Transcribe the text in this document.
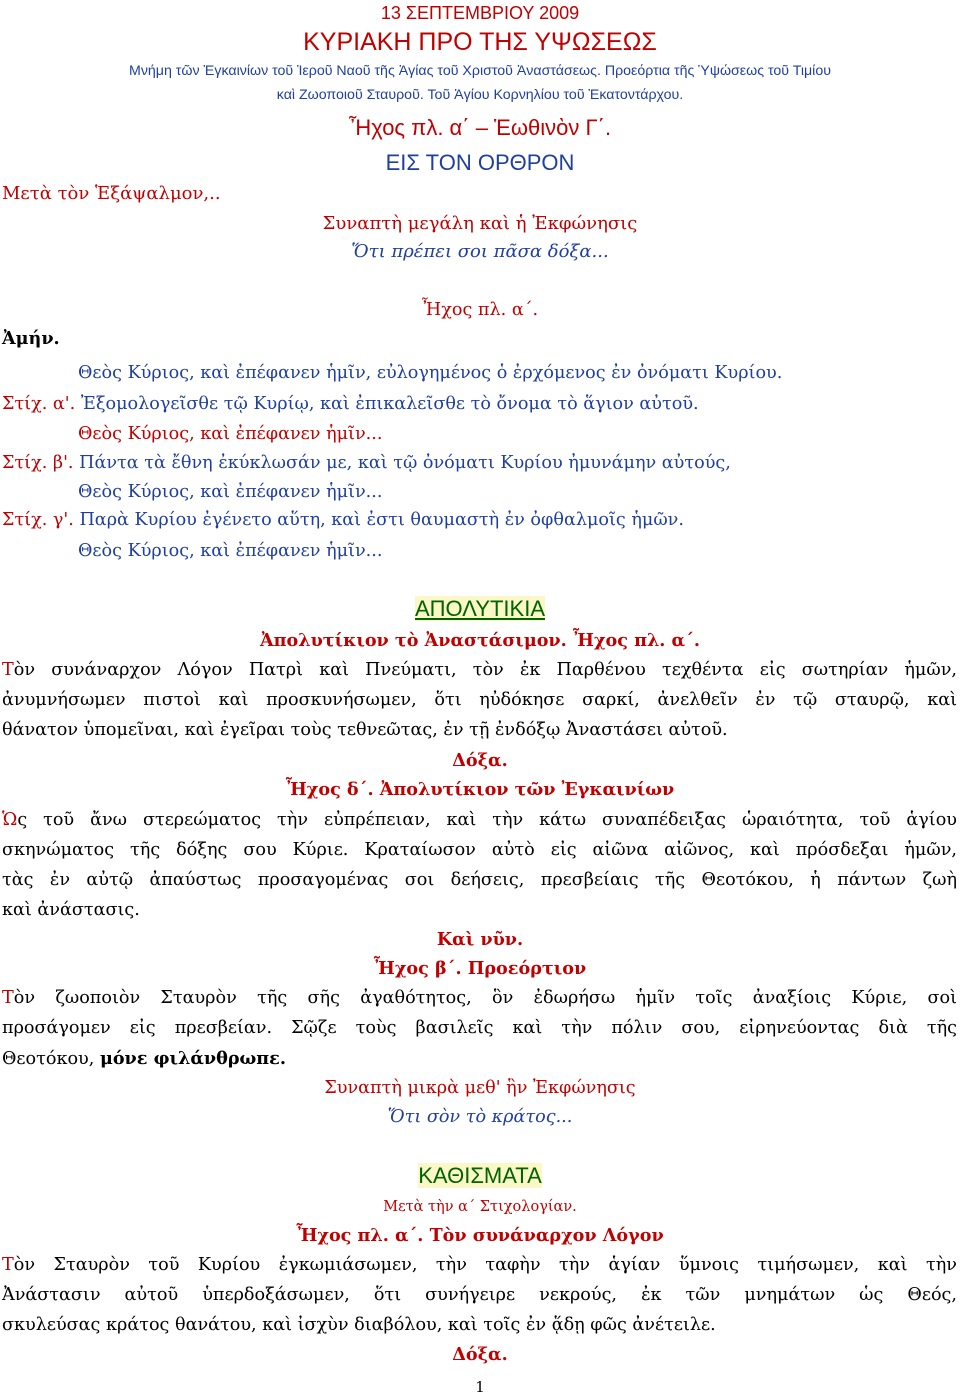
13 ΣΕΠΤΕΜΒΡΙΟΥ 2009
ΚΥΡΙΑΚΗ ΠΡΟ ΤΗΣ ΥΨΩΣΕΩΣ
Μνήμη τῶν Ἐγκαινίων τοῦ Ἱεροῦ Ναοῦ τῆς Ἁγίας τοῦ Χριστοῦ Ἀναστάσεως. Προεόρτια τῆς Ὑψώσεως τοῦ Τιμίου
καὶ Ζωοποιοῦ Σταυροῦ. Τοῦ Ἁγίου Κορνηλίου τοῦ Ἑκατοντάρχου.
Ἦχος πλ. α΄ – Ἑωθινὸν Γ΄.
ΕΙΣ ΤΟΝ ΟΡΘΡΟΝ
Μετὰ τὸν Ἑξάψαλμον,..
Συναπτὴ μεγάλη καὶ ἡ Ἐκφώνησις
Ὅτι πρέπει σοι πᾶσα δόξα...
Ἦχος πλ. α΄.
Ἀμήν.
Θεὸς Κύριος, καὶ ἐπέφανεν ἡμῖν, εὐλογημένος ὁ ἐρχόμενος ἐν ὀνόματι Κυρίου.
Στίχ. α'. Ἐξομολογεῖσθε τῷ Κυρίῳ, καὶ ἐπικαλεῖσθε τὸ ὄνομα τὸ ἅγιον αὐτοῦ.
Θεὸς Κύριος, καὶ ἐπέφανεν ἡμῖν...
Στίχ. β'. Πάντα τὰ ἔθνη ἐκύκλωσάν με, καὶ τῷ ὀνόματι Κυρίου ἠμυνάμην αὐτούς,
Θεὸς Κύριος, καὶ ἐπέφανεν ἡμῖν...
Στίχ. γ'. Παρὰ Κυρίου ἐγένετο αὕτη, καὶ ἐστι θαυμαστὴ ἐν ὀφθαλμοῖς ἡμῶν.
Θεὸς Κύριος, καὶ ἐπέφανεν ἡμῖν...
ΑΠΟΛΥΤΙΚΙΑ
Ἀπολυτίκιον τὸ Ἀναστάσιμον. Ἦχος πλ. α΄.
Τὸν συνάναρχον Λόγον Πατρὶ καὶ Πνεύματι, τὸν ἐκ Παρθένου τεχθέντα εἰς σωτηρίαν ἡμῶν,
ἀνυμνήσωμεν πιστοὶ καὶ προσκυνήσωμεν, ὅτι ηὐδόκησε σαρκί, ἀνελθεῖν ἐν τῷ σταυρῷ, καὶ
θάνατον ὑπομεῖναι, καὶ ἐγεῖραι τοὺς τεθνεῶτας, ἐν τῇ ἐνδόξῳ Ἀναστάσει αὐτοῦ.
Δόξα.
Ἦχος δ΄. Ἀπολυτίκιον τῶν Ἐγκαινίων
Ὡς τοῦ ἄνω στερεώματος τὴν εὐπρέπειαν, καὶ τὴν κάτω συναπέδειξας ὡραιότητα, τοῦ ἁγίου
σκηνώματος τῆς δόξης σου Κύριε. Κραταίωσον αὐτὸ εἰς αἰῶνα αἰῶνος, καὶ πρόσδεξαι ἡμῶν,
τὰς ἐν αὐτῷ ἀπαύστως προσαγομένας σοι δεήσεις, πρεσβείαις τῆς Θεοτόκου, ἡ πάντων ζωὴ
καὶ ἀνάστασις.
Καὶ νῦν.
Ἦχος β΄. Προεόρτιον
Τὸν ζωοποιὸν Σταυρὸν τῆς σῆς ἀγαθότητος, ὃν ἐδωρήσω ἡμῖν τοῖς ἀναξίοις Κύριε, σοὶ
προσάγομεν εἰς πρεσβείαν. Σῷζε τοὺς βασιλεῖς καὶ τὴν πόλιν σου, εἰρηνεύοντας διὰ τῆς
Θεοτόκου, μόνε φιλάνθρωπε.
Συναπτὴ μικρὰ μεθ' ἣν Ἐκφώνησις
Ὅτι σὸν τὸ κράτος...
ΚΑΘΙΣΜΑΤΑ
Μετὰ τὴν α΄ Στιχολογίαν.
Ἦχος πλ. α΄. Τὸν συνάναρχον Λόγον
Τὸν Σταυρὸν τοῦ Κυρίου ἐγκωμιάσωμεν, τὴν ταφὴν τὴν ἁγίαν ὕμνοις τιμήσωμεν, καὶ τὴν
Ἀνάστασιν αὐτοῦ ὑπερδοξάσωμεν, ὅτι συνήγειρε νεκρούς, ἐκ τῶν μνημάτων ὡς Θεός,
σκυλεύσας κράτος θανάτου, καὶ ἰσχὺν διαβόλου, καὶ τοῖς ἐν ᾅδῃ φῶς ἀνέτειλε.
Δόξα.
1
